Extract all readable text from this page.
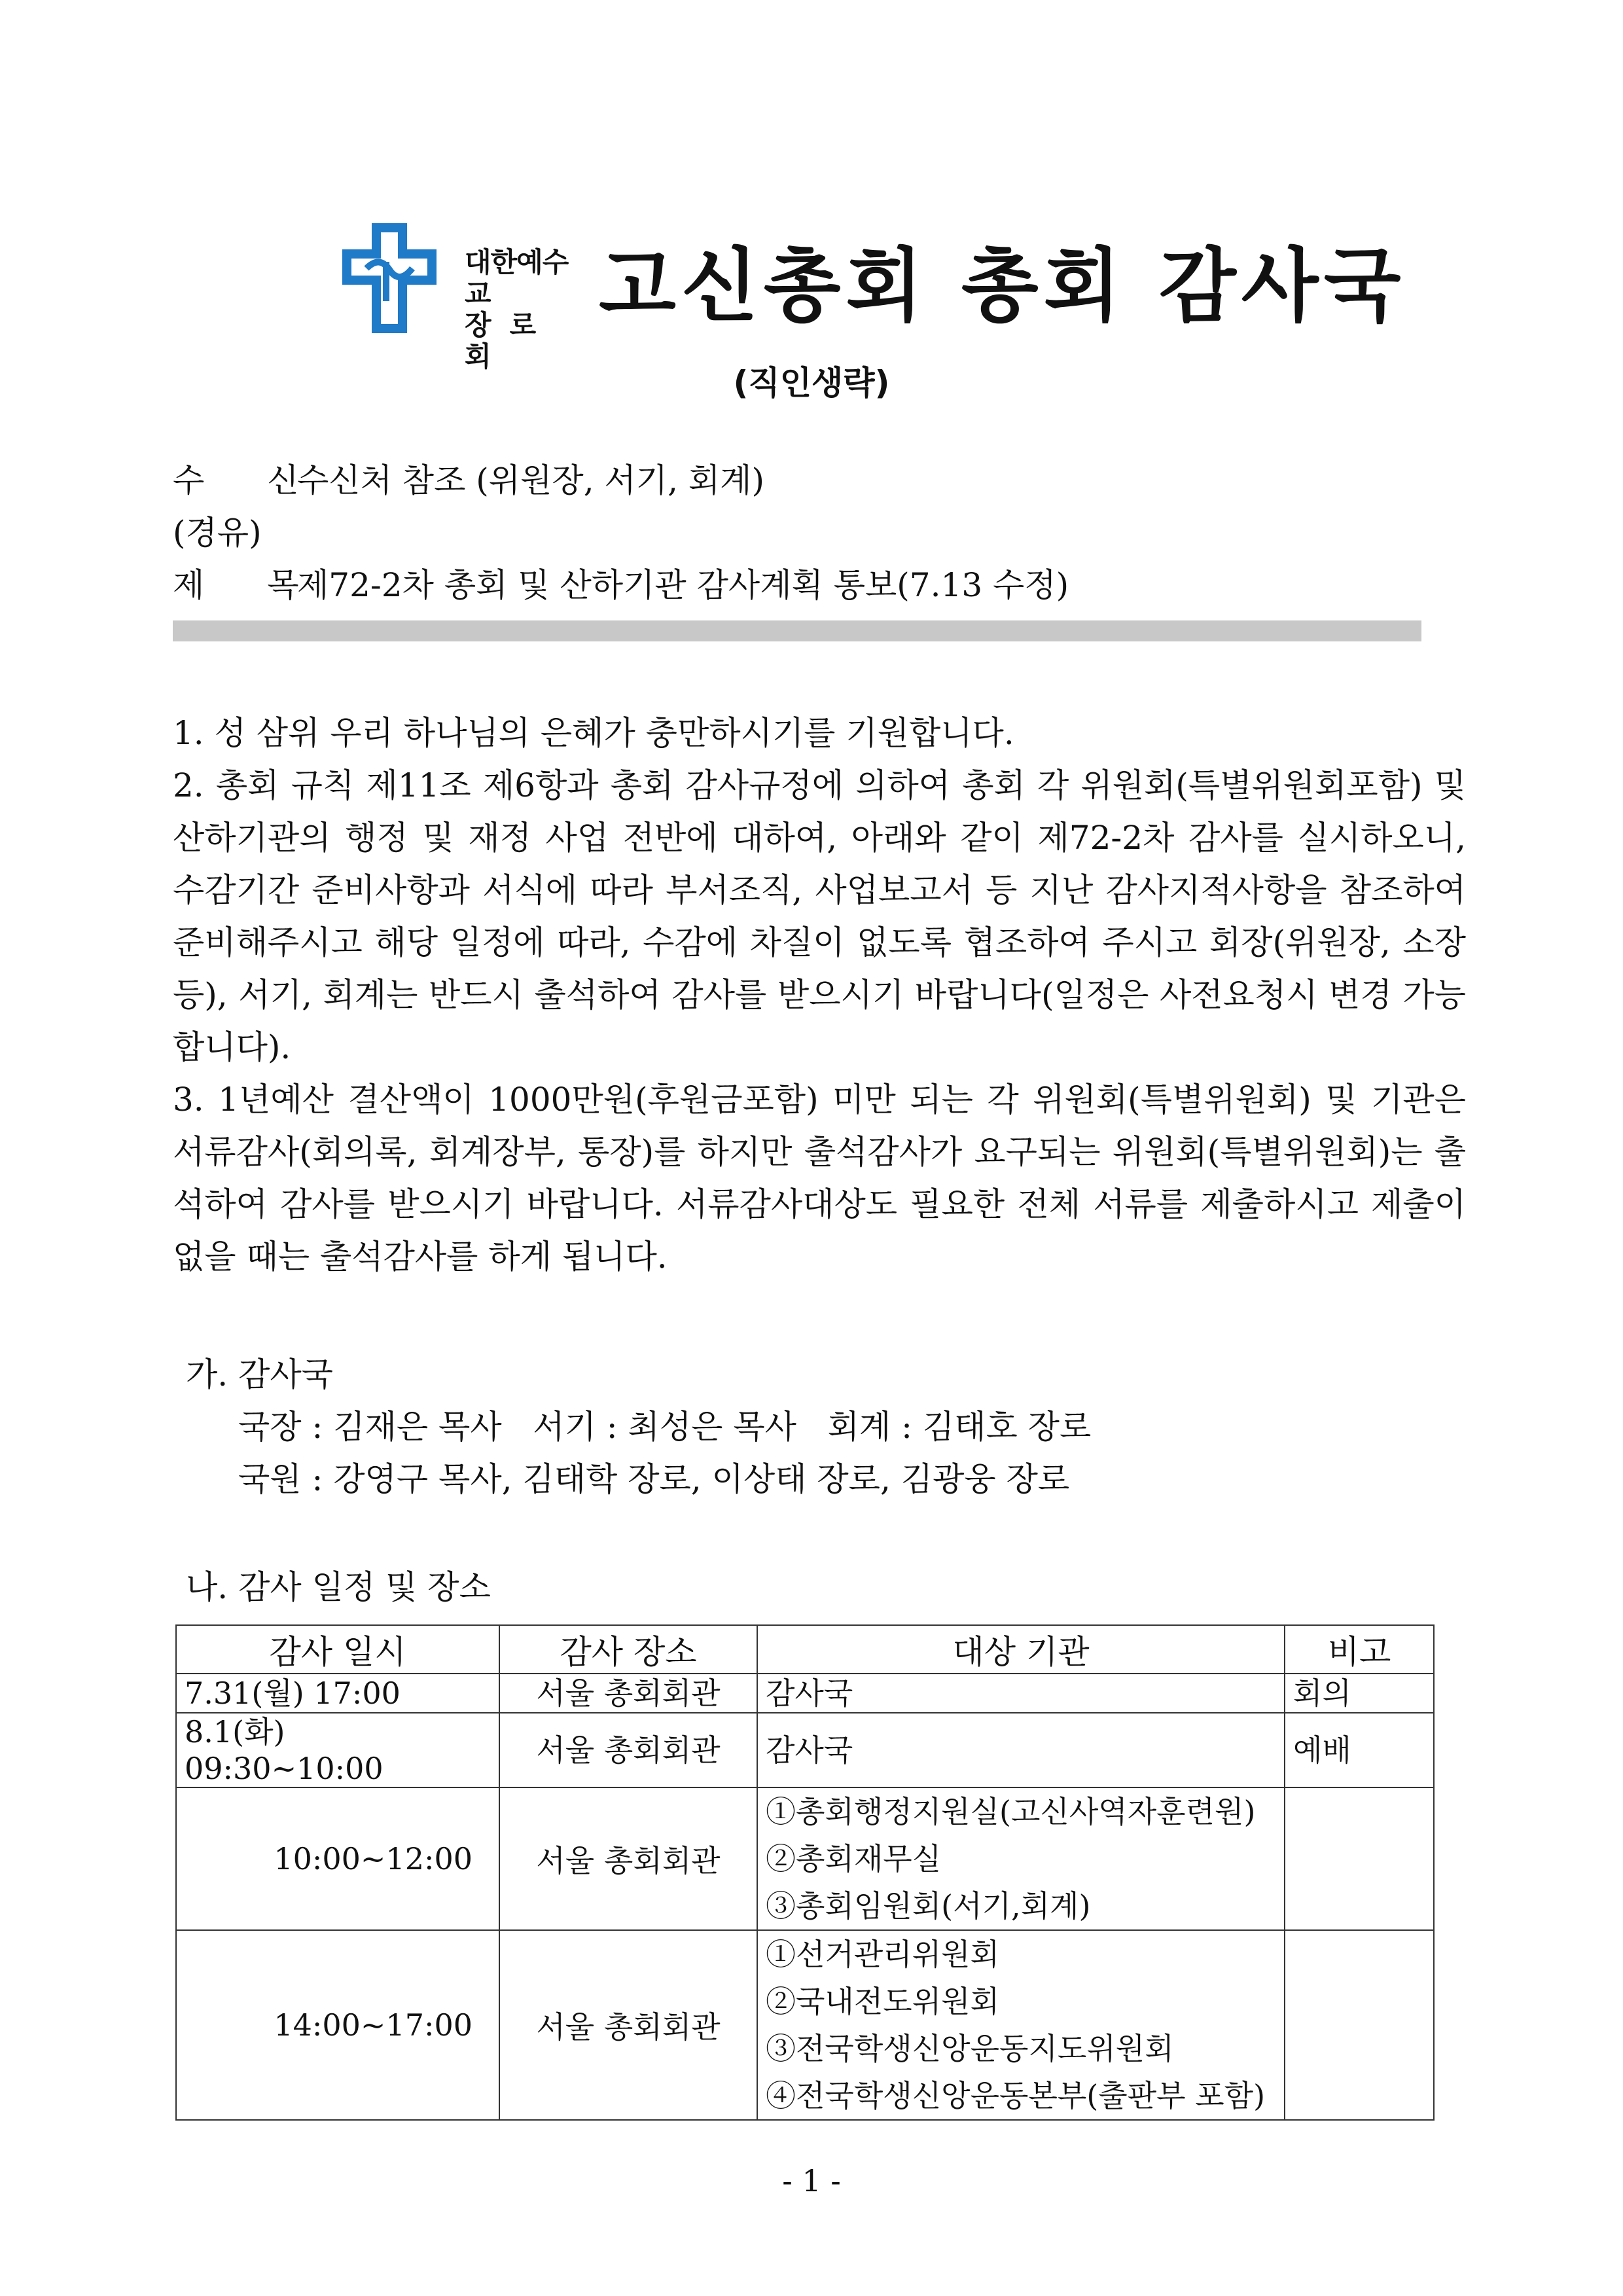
대한예수교
장로회
고신총회 총회 감사국
(직인생략)
수 신수신처 참조 (위원장, 서기, 회계)
(경유)
제 목제72-2차 총회 및 산하기관 감사계획 통보(7.13 수정)

1. 성 삼위 우리 하나님의 은혜가 충만하시기를 기원합니다.

2. 총회 규칙 제11조 제6항과 총회 감사규정에 의하여 총회 각 위원회(특별위원회포함) 및 산하기관의 행정 및 재정 사업 전반에 대하여, 아래와 같이 제72-2차 감사를 실시하오니, 수감기간 준비사항과 서식에 따라 부서조직, 사업보고서 등 지난 감사지적사항을 참조하여 준비해주시고 해당 일정에 따라, 수감에 차질이 없도록 협조하여 주시고 회장(위원장, 소장 등), 서기, 회계는 반드시 출석하여 감사를 받으시기 바랍니다(일정은 사전요청시 변경 가능합니다).

3. 1년예산 결산액이 1000만원(후원금포함) 미만 되는 각 위원회(특별위원회) 및 기관은 서류감사(회의록, 회계장부, 통장)를 하지만 출석감사가 요구되는 위원회(특별위원회)는 출석하여 감사를 받으시기 바랍니다. 서류감사대상도 필요한 전체 서류를 제출하시고 제출이 없을 때는 출석감사를 하게 됩니다.

가. 감사국
국장 : 김재은 목사   서기 : 최성은 목사   회계 : 김태호 장로
국원 : 강영구 목사, 김태학 장로, 이상태 장로, 김광웅 장로
나. 감사 일정 및 장소
감사 일시	감사 장소	대상 기관	비고
7.31(월) 17:00	서울 총회회관	감사국	회의
8.1(화) 09:30~10:00	서울 총회회관	감사국	예배
10:00~12:00	서울 총회회관	①총회행정지원실(고신사역자훈련원)
②총회재무실
③총회임원회(서기,회계)	

14:00~17:00	서울 총회회관	①선거관리위원회
②국내전도위원회
③전국학생신앙운동지도위원회
④전국학생신앙운동본부(출판부 포함)	

- 1 -
